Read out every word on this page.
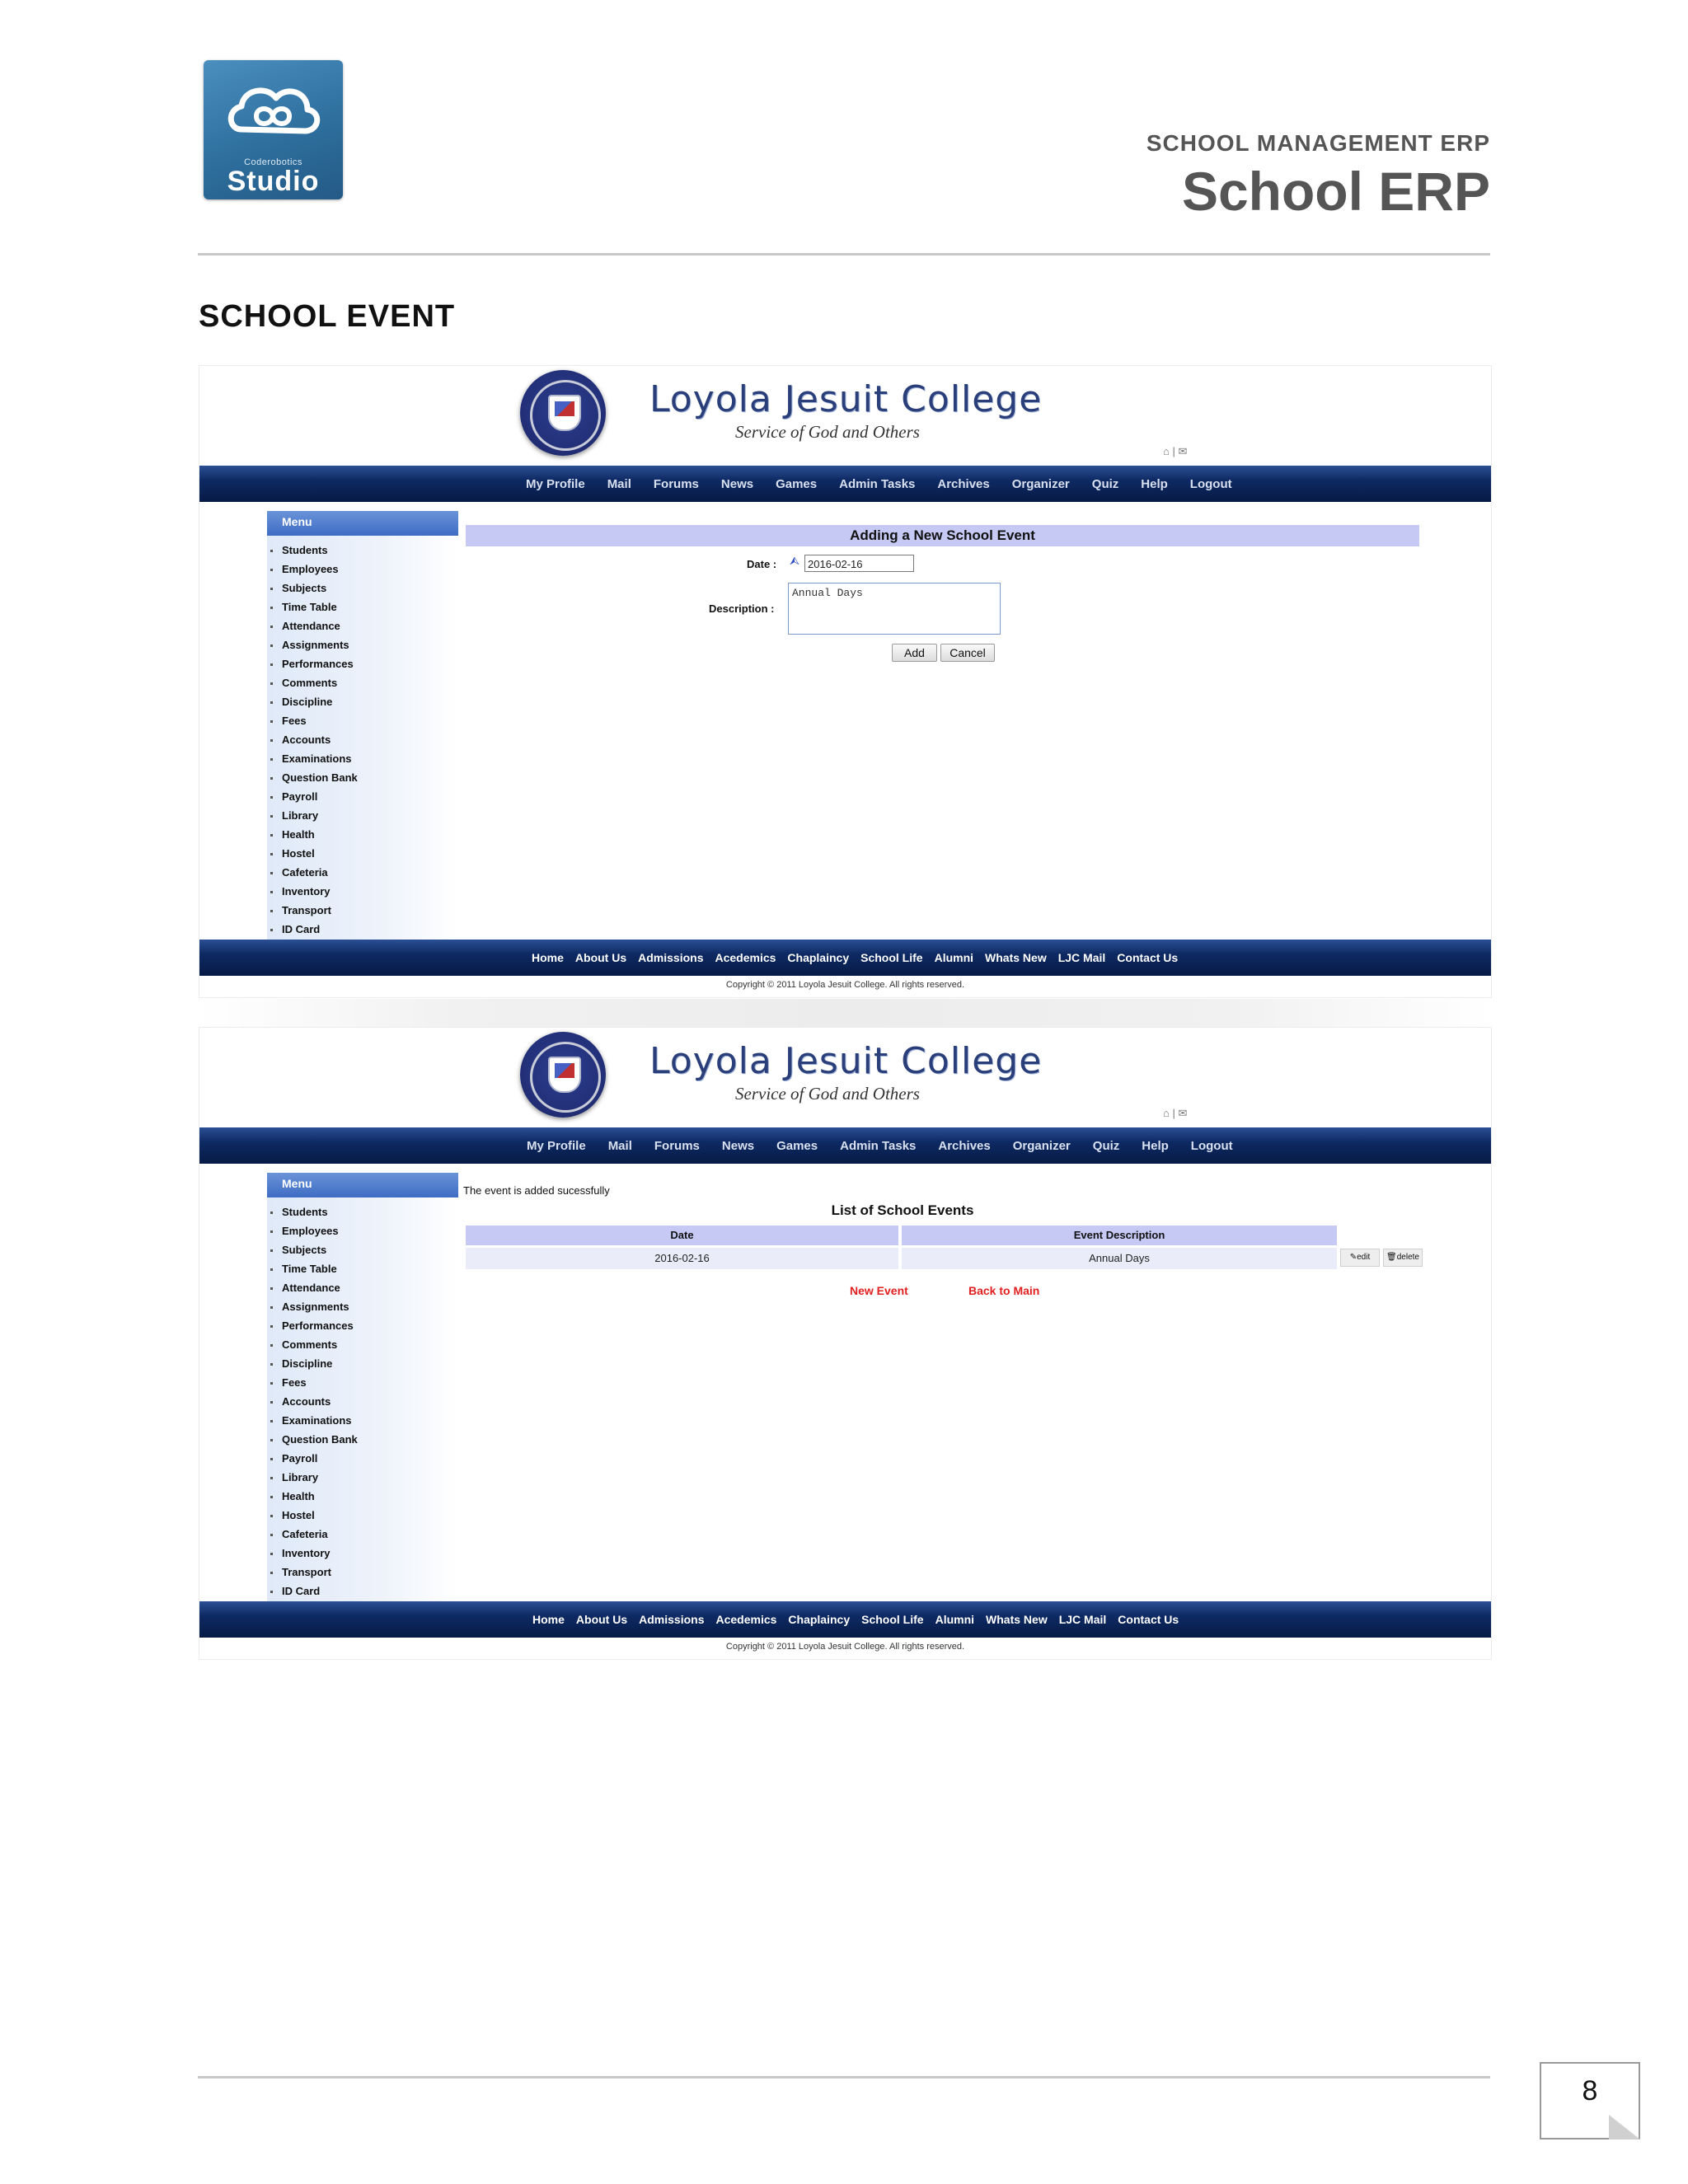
Coderobotics
Studio
SCHOOL MANAGEMENT ERP
School ERP
SCHOOL EVENT
Loyola Jesuit College
Service of God and Others
⌂ | ✉
My Profile Mail Forums News Games Admin Tasks Archives Organizer Quiz Help Logout
Menu
Students
Employees
Subjects
Time Table
Attendance
Assignments
Performances
Comments
Discipline
Fees
Accounts
Examinations
Question Bank
Payroll
Library
Health
Hostel
Cafeteria
Inventory
Transport
ID Card
Adding a New School Event
Date : ⮙ 2016-02-16
Description :
Annual Days
Add	Cancel
Home About Us Admissions Acedemics Chaplaincy School Life Alumni Whats New LJC Mail Contact Us
Copyright © 2011 Loyola Jesuit College. All rights reserved.
Loyola Jesuit College
Service of God and Others
⌂ | ✉
My Profile Mail Forums News Games Admin Tasks Archives Organizer Quiz Help Logout
Menu
Students
Employees
Subjects
Time Table
Attendance
Assignments
Performances
Comments
Discipline
Fees
Accounts
Examinations
Question Bank
Payroll
Library
Health
Hostel
Cafeteria
Inventory
Transport
ID Card
The event is added sucessfully
List of School Events
Date	Event Description
2016-02-16	Annual Days	✎edit	🗑delete
New Event	Back to Main
Home About Us Admissions Acedemics Chaplaincy School Life Alumni Whats New LJC Mail Contact Us
Copyright © 2011 Loyola Jesuit College. All rights reserved.
8
